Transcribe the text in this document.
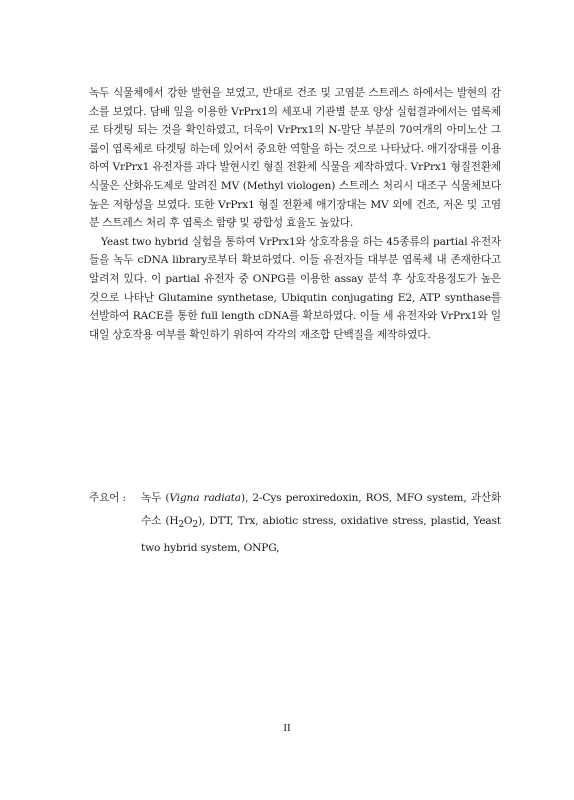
녹두 식물체에서 강한 발현을 보였고, 반대로 건조 및 고염분 스트레스 하에서는 발현의 감소를 보였다. 담배 잎을 이용한 VrPrx1의 세포내 기관별 분포 양상 실험결과에서는 엽록체로 타겟팅 되는 것을 확인하였고, 더욱이 VrPrx1의 N-말단 부분의 70여개의 아미노산 그룹이 엽록체로 타겟팅 하는데 있어서 중요한 역할을 하는 것으로 나타났다. 애기장대를 이용하여 VrPrx1 유전자를 과다 발현시킨 형질 전환체 식물을 제작하였다. VrPrx1 형질전환체 식물은 산화유도제로 알려진 MV (Methyl viologen) 스트레스 처리시 대조구 식물체보다 높은 저항성을 보였다. 또한 VrPrx1 형질 전환체 애기장대는 MV 외에 건조, 저온 및 고염분 스트레스 처리 후 엽록소 함량 및 광합성 효율도 높았다.

Yeast two hybrid 실험을 통하여 VrPrx1와 상호작용을 하는 45종류의 partial 유전자들을 녹두 cDNA library로부터 확보하였다. 이들 유전자들 대부분 엽록체 내 존재한다고 알려져 있다. 이 partial 유전자 중 ONPG를 이용한 assay 분석 후 상호작용정도가 높은 것으로 나타난 Glutamine synthetase, Ubiqutin conjugating E2, ATP synthase를 선발하여 RACE를 통한 full length cDNA를 확보하였다. 이들 세 유전자와 VrPrx1와 일대일 상호작용 여부를 확인하기 위하여 각각의 재조합 단백질을 제작하였다.

주요어 :	녹두 (Vigna radiata), 2-Cys peroxiredoxin, ROS, MFO system, 과산화 수소 $(H_2O_2)$, DTT, Trx, abiotic stress, oxidative stress, plastid, Yeast two hybrid system, ONPG,
II
